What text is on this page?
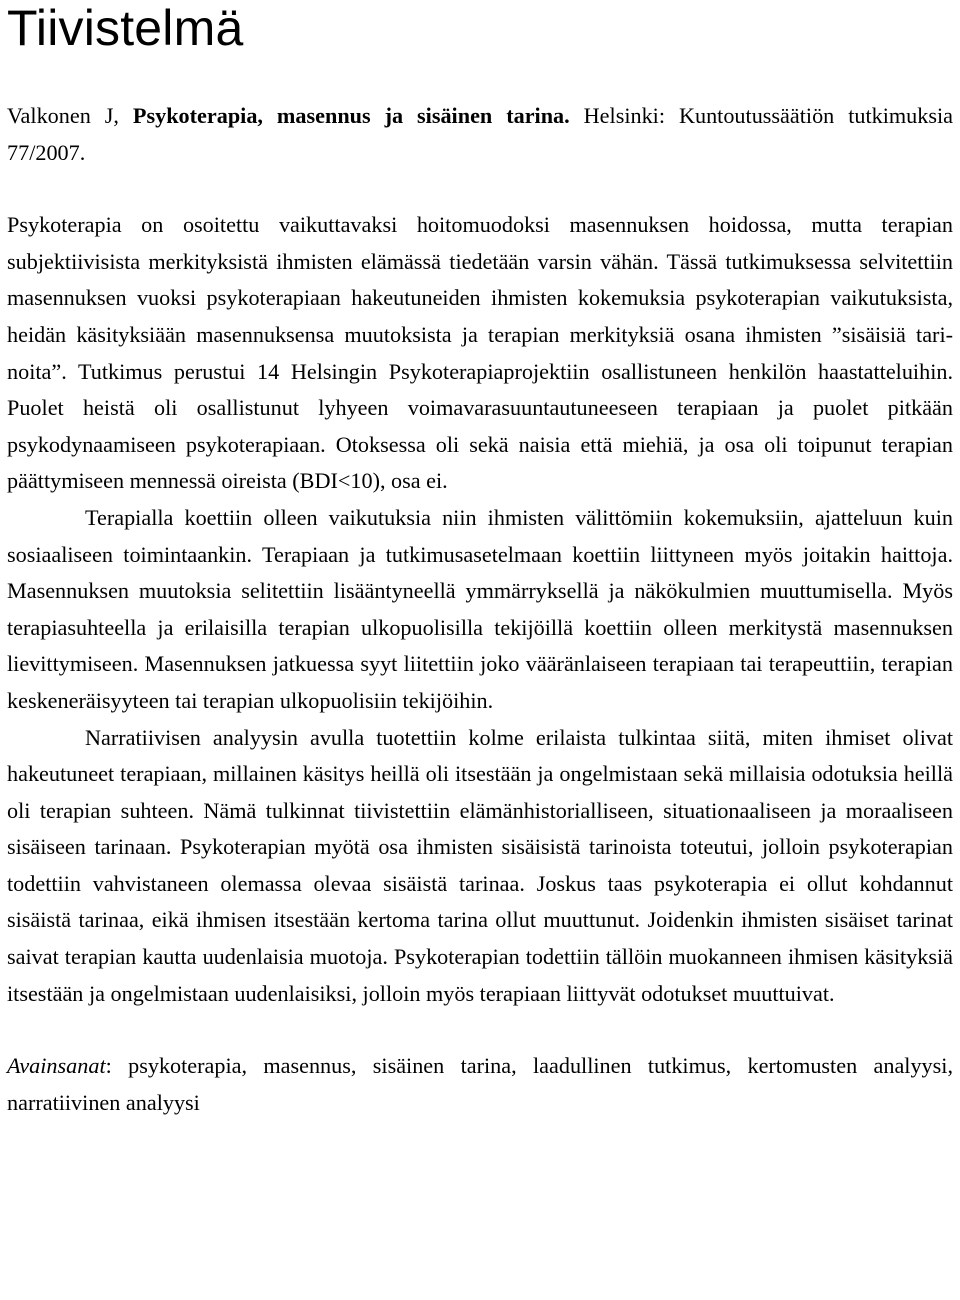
Tiivistelmä
Valkonen J, Psykoterapia, masennus ja sisäinen tarina. Helsinki: Kuntoutussäätiön tutkimuksia 77/2007.

Psykoterapia on osoitettu vaikuttavaksi hoitomuodoksi masennuksen hoidossa, mutta terapian subjektiivisista merkityksistä ihmisten elämässä tiedetään varsin vähän. Tässä tutkimuksessa selvitettiin masennuksen vuoksi psykoterapiaan hakeutuneiden ihmisten kokemuksia psykoterapian vaikutuksista, heidän käsityksiään masennuksensa muutoksista ja terapian merkityksiä osana ihmisten ”sisäisiä tarinoita”. Tutkimus perustui 14 Helsingin Psykoterapiaprojektiin osallistuneen henkilön haastatteluihin. Puolet heistä oli osallistunut lyhyeen voimavarasuuntautuneeseen terapiaan ja puolet pitkään psykodynaamiseen psykoterapiaan. Otoksessa oli sekä naisia että miehiä, ja osa oli toipunut terapian päättymiseen mennessä oireista (BDI<10), osa ei.

Terapialla koettiin olleen vaikutuksia niin ihmisten välittömiin kokemuksiin, ajatteluun kuin sosiaaliseen toimintaankin. Terapiaan ja tutkimusasetelmaan koettiin liittyneen myös joitakin haittoja. Masennuksen muutoksia selitettiin lisääntyneellä ymmärryksellä ja näkökulmien muuttumisella. Myös terapiasuhteella ja erilaisilla terapian ulkopuolisilla tekijöillä koettiin olleen merkitystä masennuksen lievittymiseen. Masennuksen jatkuessa syyt liitettiin joko vääränlaiseen terapiaan tai terapeuttiin, terapian keskeneräisyyteen tai terapian ulkopuolisiin tekijöihin.

Narratiivisen analyysin avulla tuotettiin kolme erilaista tulkintaa siitä, miten ihmiset olivat hakeutuneet terapiaan, millainen käsitys heillä oli itsestään ja ongelmistaan sekä millaisia odotuksia heillä oli terapian suhteen. Nämä tulkinnat tiivistettiin elämänhistorialliseen, situationaaliseen ja moraaliseen sisäiseen tarinaan. Psykoterapian myötä osa ihmisten sisäisistä tarinoista toteutui, jolloin psykoterapian todettiin vahvistaneen olemassa olevaa sisäistä tarinaa. Joskus taas psykoterapia ei ollut kohdannut sisäistä tarinaa, eikä ihmisen itsestään kertoma tarina ollut muuttunut. Joidenkin ihmisten sisäiset tarinat saivat terapian kautta uudenlaisia muotoja. Psykoterapian todettiin tällöin muokanneen ihmisen käsityksiä itsestään ja ongelmistaan uudenlaisiksi, jolloin myös terapiaan liittyvät odotukset muuttuivat.

Avainsanat: psykoterapia, masennus, sisäinen tarina, laadullinen tutkimus, kertomusten analyysi, narratiivinen analyysi
